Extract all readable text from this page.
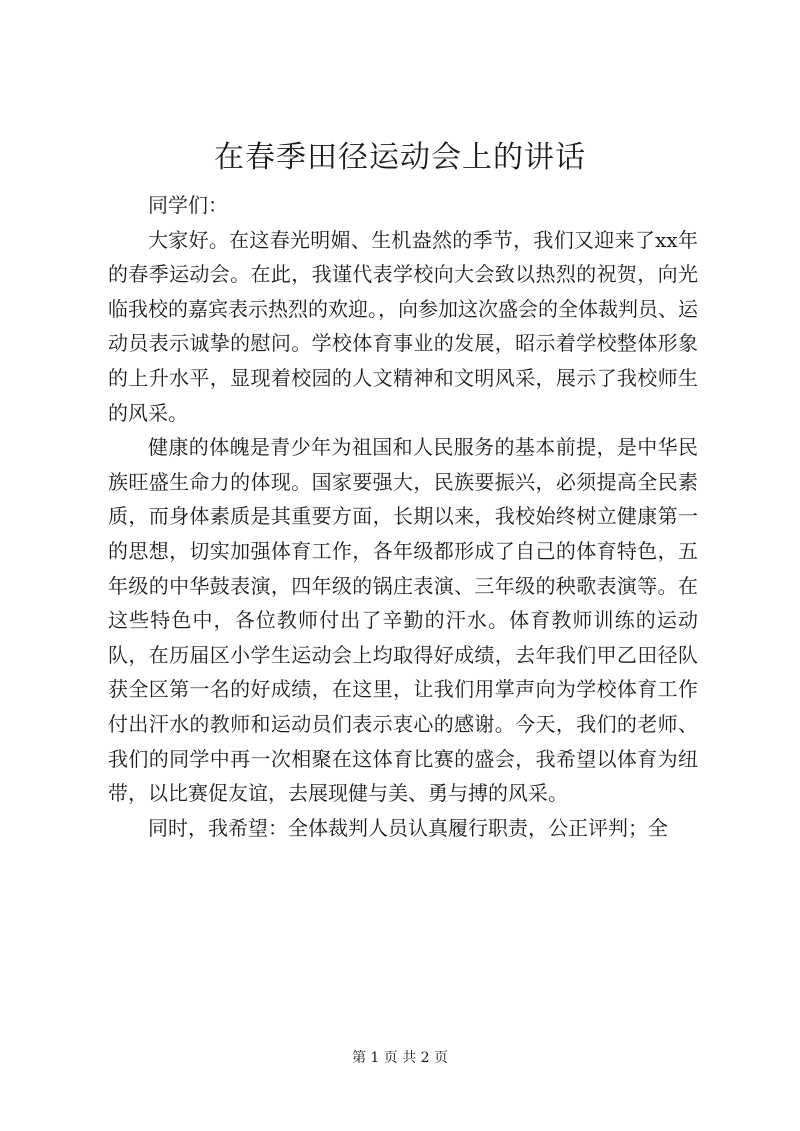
在春季田径运动会上的讲话

同学们：

大家好。在这春光明媚、生机盎然的季节，我们又迎来了xx年的春季运动会。在此，我谨代表学校向大会致以热烈的祝贺，向光临我校的嘉宾表示热烈的欢迎。，向参加这次盛会的全体裁判员、运动员表示诚挚的慰问。学校体育事业的发展，昭示着学校整体形象的上升水平，显现着校园的人文精神和文明风采，展示了我校师生的风采。

健康的体魄是青少年为祖国和人民服务的基本前提，是中华民族旺盛生命力的体现。国家要强大，民族要振兴，必须提高全民素质，而身体素质是其重要方面，长期以来，我校始终树立健康第一的思想，切实加强体育工作，各年级都形成了自己的体育特色，五年级的中华鼓表演，四年级的锅庄表演、三年级的秧歌表演等。在这些特色中，各位教师付出了辛勤的汗水。体育教师训练的运动队，在历届区小学生运动会上均取得好成绩，去年我们甲乙田径队获全区第一名的好成绩，在这里，让我们用掌声向为学校体育工作付出汗水的教师和运动员们表示衷心的感谢。今天，我们的老师、我们的同学中再一次相聚在这体育比赛的盛会，我希望以体育为纽带，以比赛促友谊，去展现健与美、勇与搏的风采。

同时，我希望：全体裁判人员认真履行职责，公正评判；全

第 1 页 共 2 页
